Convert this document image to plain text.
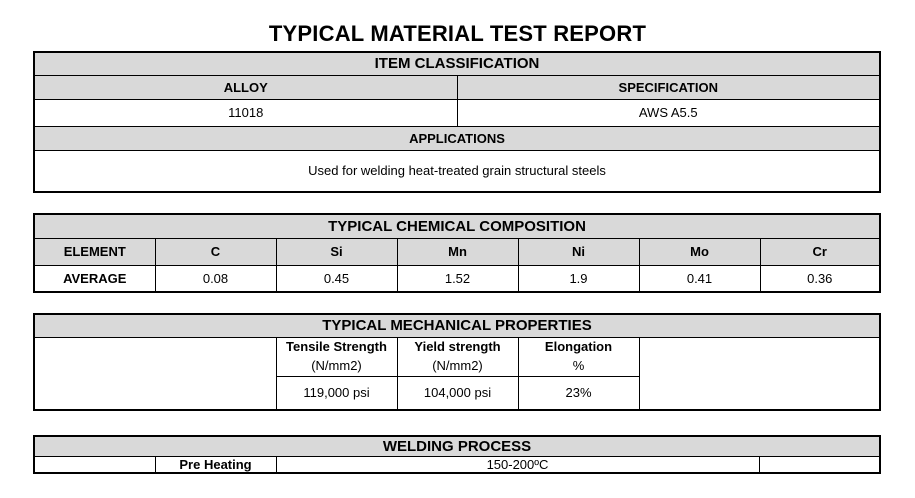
TYPICAL MATERIAL TEST REPORT
ITEM CLASSIFICATION	
ALLOY	SPECIFICATION
11018	AWS A5.5
APPLICATIONS	
Used for welding heat-treated grain structural steels	
TYPICAL CHEMICAL COMPOSITION						
ELEMENT	C	Si	Mn	Ni	Mo	Cr
AVERAGE	0.08	0.45	1.52	1.9	0.41	0.36
TYPICAL MECHANICAL PROPERTIES				
	Tensile Strength	Yield strength	Elongation	
	(N/mm2)	(N/mm2)	%	
	119,000 psi	104,000 psi	23%	
WELDING PROCESS
	Pre Heating	150-200ºC	
